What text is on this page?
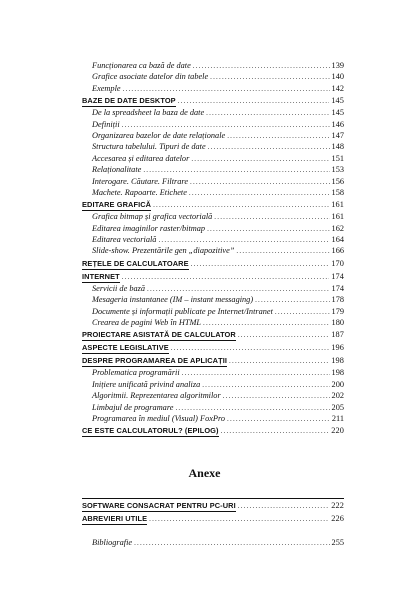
Funcționarea ca bază de date .....	139
Grafice asociate datelor din tabele .....	140
Exemple .....	142
BAZE DE DATE DESKTOP .....	145
De la spreadsheet la baza de date .....	145
Definiții .....	146
Organizarea bazelor de date relaționale .....	147
Structura tabelului. Tipuri de date .....	148
Accesarea și editarea datelor .....	151
Relaționalitate .....	153
Interogare. Căutare. Filtrare .....	156
Machete. Rapoarte. Etichete .....	158
EDITARE GRAFICĂ .....	161
Grafica bitmap și grafica vectorială .....	161
Editarea imaginilor raster/bitmap .....	162
Editarea vectorială .....	164
Slide-show. Prezentările gen „diapozitive” .....	166
REȚELE DE CALCULATOARE .....	170
INTERNET .....	174
Servicii de bază .....	174
Mesageria instantanee (IM – instant messaging) .....	178
Documente și informații publicate pe Internet/Intranet .....	179
Crearea de pagini Web în HTML .....	180
PROIECTARE ASISTATĂ DE CALCULATOR .....	187
ASPECTE LEGISLATIVE .....	196
DESPRE PROGRAMAREA DE APLICAȚII .....	198
Problematica programării .....	198
Inițiere unificată privind analiza .....	200
Algoritmii. Reprezentarea algoritmilor .....	202
Limbajul de programare .....	205
Programarea în mediul (Visual) FoxPro .....	211
CE ESTE CALCULATORUL? (EPILOG) .....	220
Anexe
SOFTWARE CONSACRAT PENTRU PC-URI .....	222
ABREVIERI UTILE .....	226
Bibliografie .....	255
